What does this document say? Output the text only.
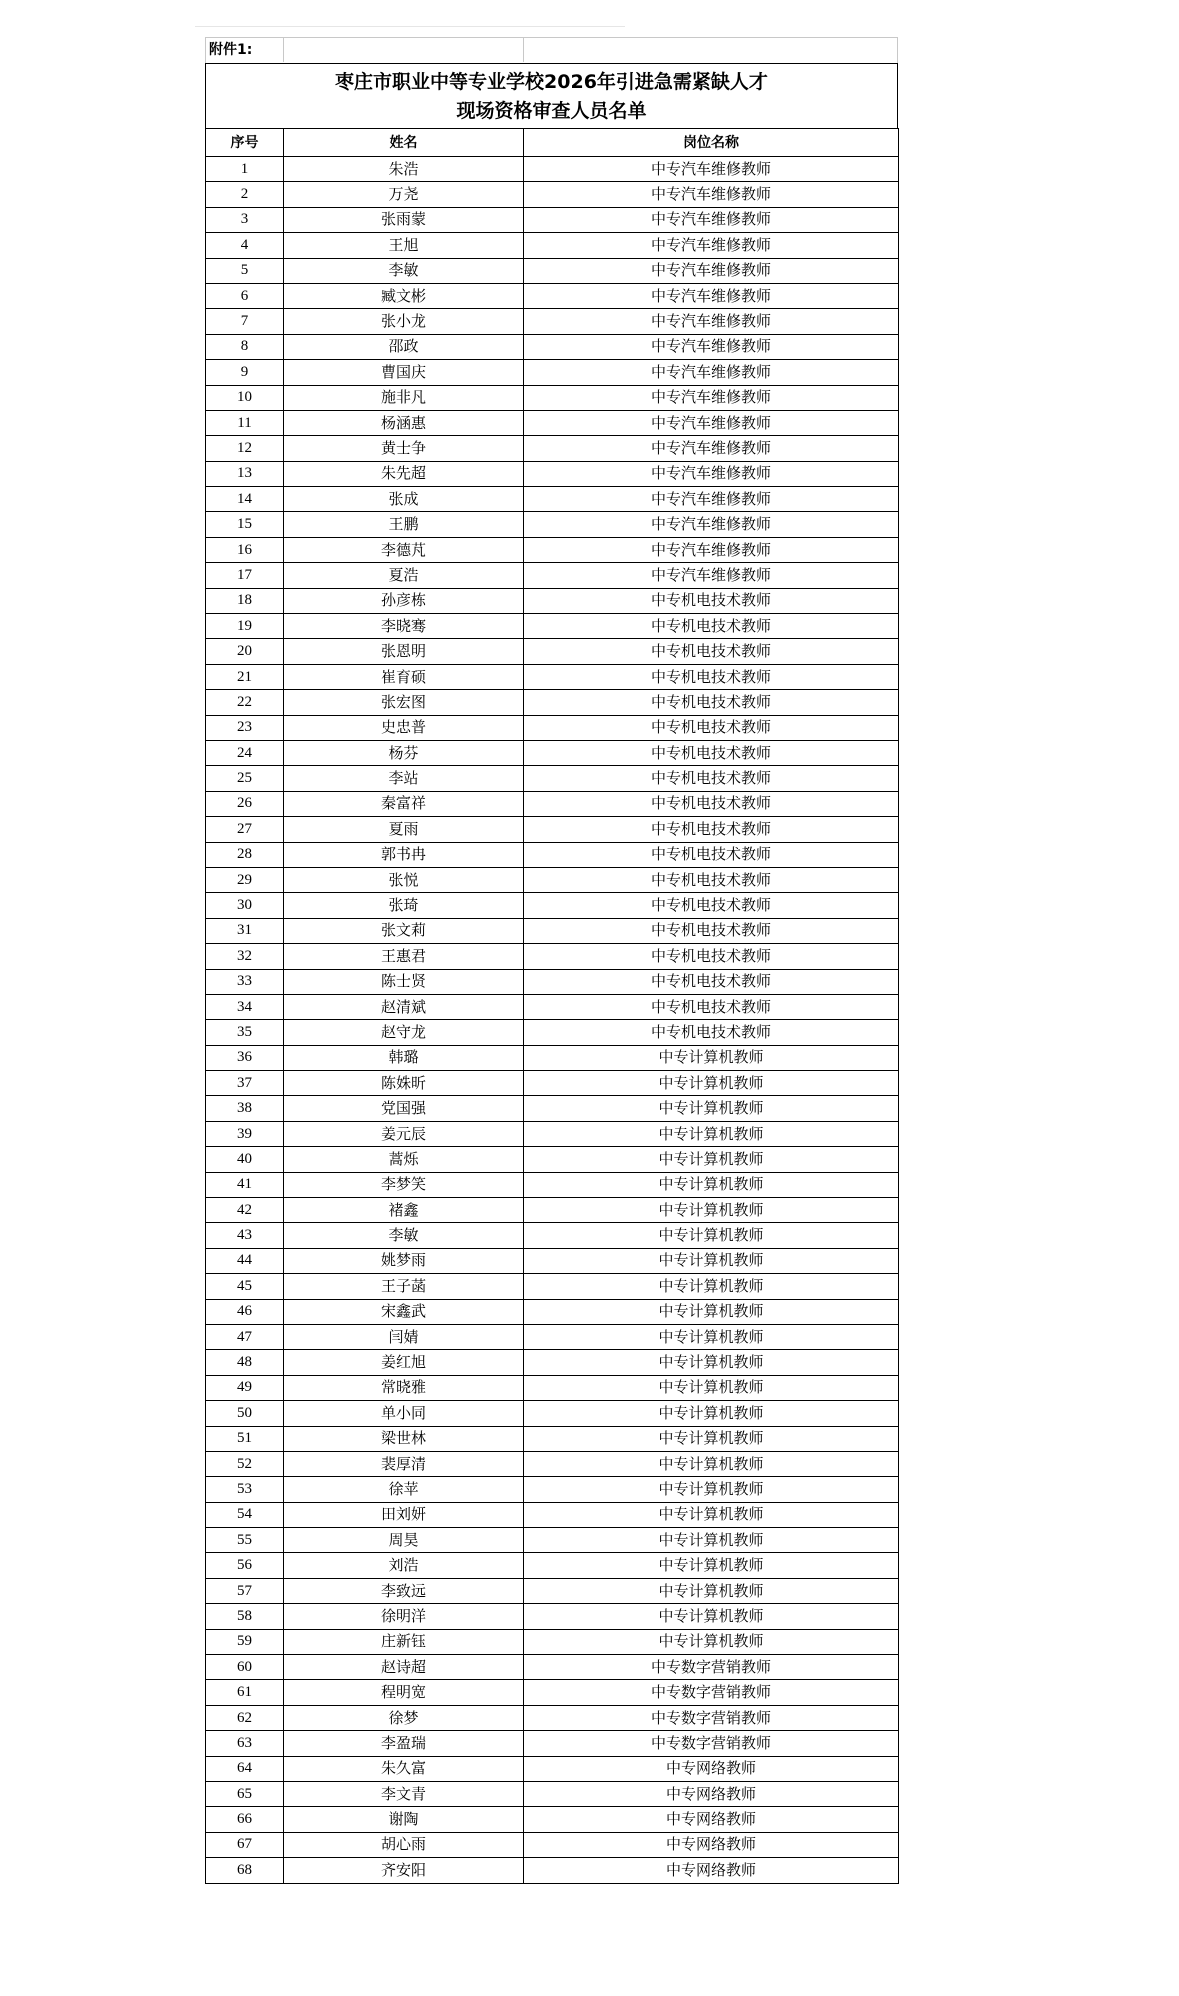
附件1:
枣庄市职业中等专业学校2026年引进急需紧缺人才
现场资格审查人员名单
序号	姓名	岗位名称
1	朱浩	中专汽车维修教师
2	万尧	中专汽车维修教师
3	张雨蒙	中专汽车维修教师
4	王旭	中专汽车维修教师
5	李敏	中专汽车维修教师
6	臧文彬	中专汽车维修教师
7	张小龙	中专汽车维修教师
8	邵政	中专汽车维修教师
9	曹国庆	中专汽车维修教师
10	施非凡	中专汽车维修教师
11	杨涵惠	中专汽车维修教师
12	黄士争	中专汽车维修教师
13	朱先超	中专汽车维修教师
14	张成	中专汽车维修教师
15	王鹏	中专汽车维修教师
16	李德芃	中专汽车维修教师
17	夏浩	中专汽车维修教师
18	孙彦栋	中专机电技术教师
19	李晓骞	中专机电技术教师
20	张恩明	中专机电技术教师
21	崔育硕	中专机电技术教师
22	张宏图	中专机电技术教师
23	史忠普	中专机电技术教师
24	杨芬	中专机电技术教师
25	李站	中专机电技术教师
26	秦富祥	中专机电技术教师
27	夏雨	中专机电技术教师
28	郭书冉	中专机电技术教师
29	张悦	中专机电技术教师
30	张琦	中专机电技术教师
31	张文莉	中专机电技术教师
32	王惠君	中专机电技术教师
33	陈士贤	中专机电技术教师
34	赵清斌	中专机电技术教师
35	赵守龙	中专机电技术教师
36	韩璐	中专计算机教师
37	陈姝昕	中专计算机教师
38	党国强	中专计算机教师
39	姜元辰	中专计算机教师
40	蒿烁	中专计算机教师
41	李梦笑	中专计算机教师
42	褚鑫	中专计算机教师
43	李敏	中专计算机教师
44	姚梦雨	中专计算机教师
45	王子菡	中专计算机教师
46	宋鑫武	中专计算机教师
47	闫婧	中专计算机教师
48	姜红旭	中专计算机教师
49	常晓雅	中专计算机教师
50	单小同	中专计算机教师
51	梁世林	中专计算机教师
52	裴厚清	中专计算机教师
53	徐苹	中专计算机教师
54	田刘妍	中专计算机教师
55	周昊	中专计算机教师
56	刘浩	中专计算机教师
57	李致远	中专计算机教师
58	徐明洋	中专计算机教师
59	庄新钰	中专计算机教师
60	赵诗超	中专数字营销教师
61	程明宽	中专数字营销教师
62	徐梦	中专数字营销教师
63	李盈瑞	中专数字营销教师
64	朱久富	中专网络教师
65	李文青	中专网络教师
66	谢陶	中专网络教师
67	胡心雨	中专网络教师
68	齐安阳	中专网络教师
